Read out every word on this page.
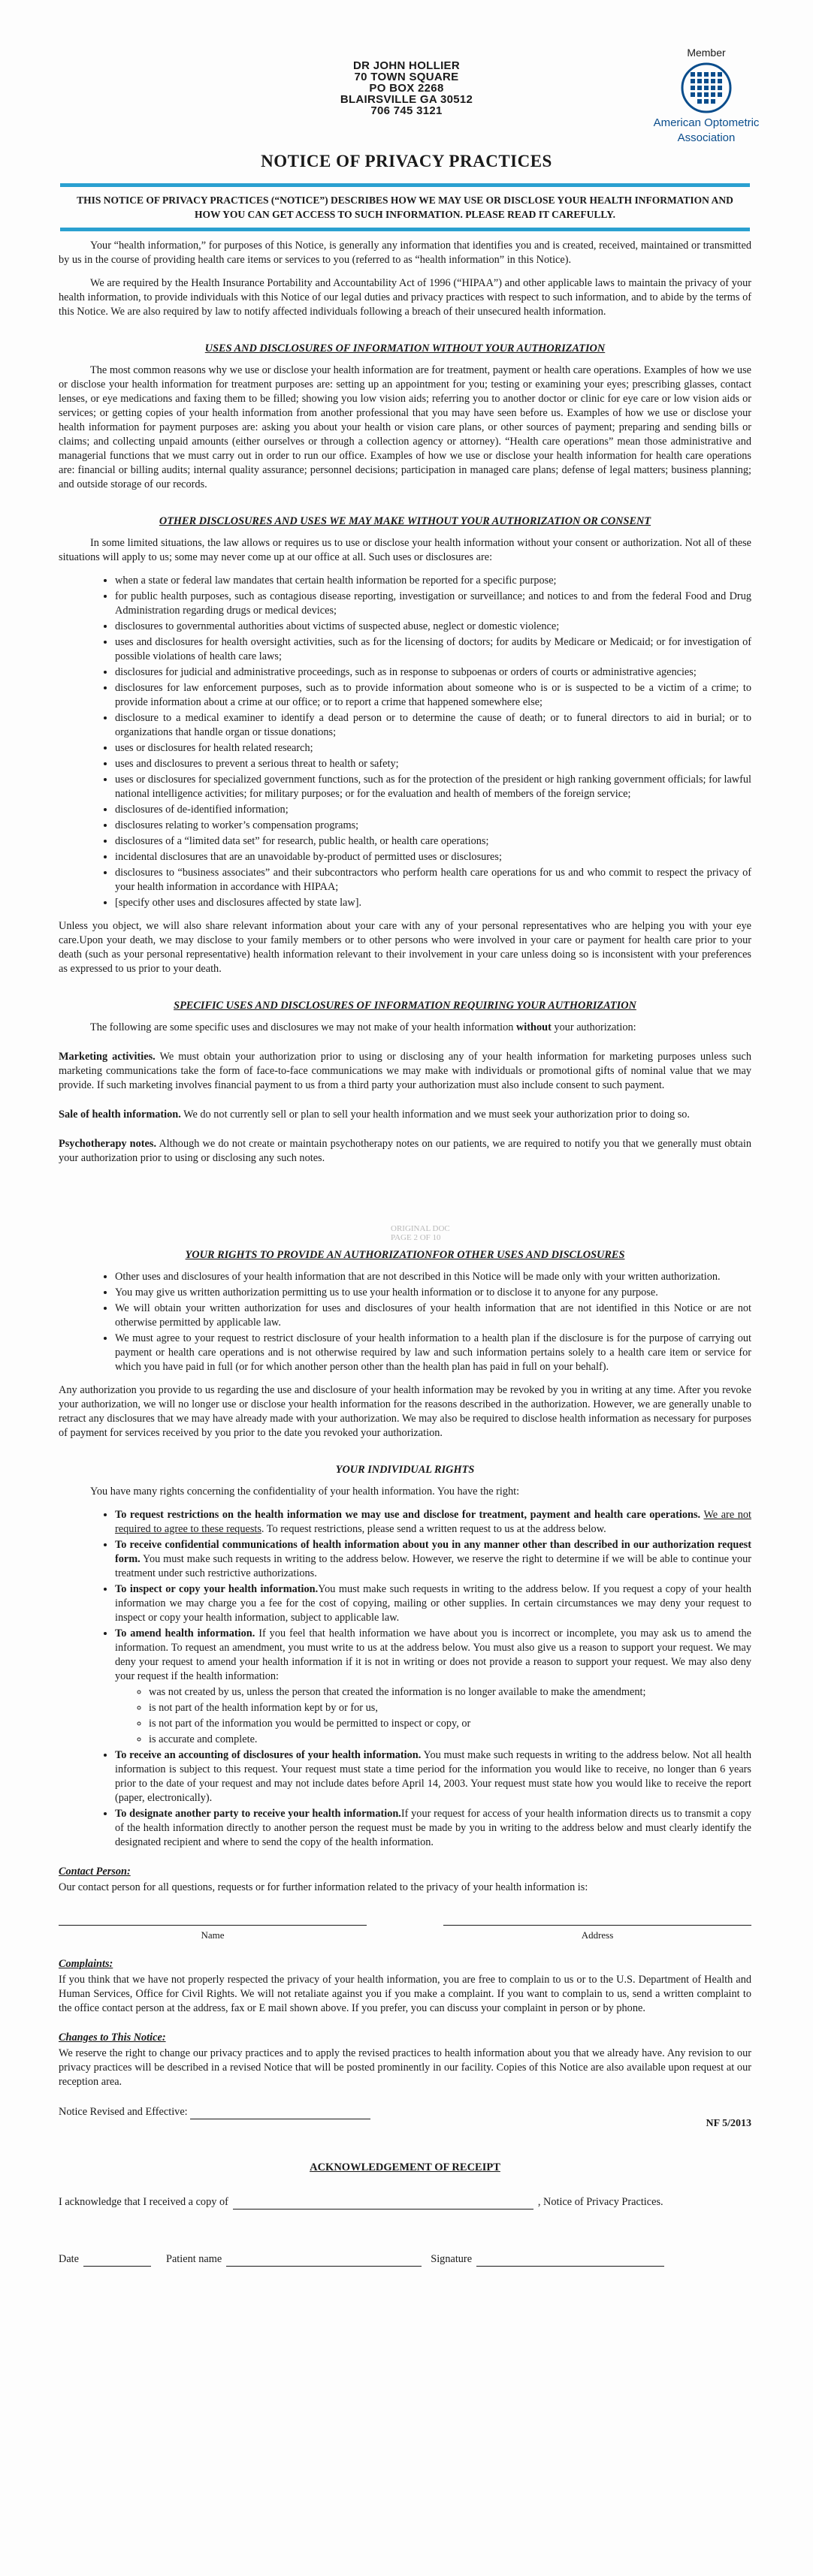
DR JOHN HOLLIER
70 TOWN SQUARE
PO BOX 2268
BLAIRSVILLE GA 30512
706 745 3121
Member
American Optometric
Association
NOTICE OF PRIVACY PRACTICES
THIS NOTICE OF PRIVACY PRACTICES (“NOTICE”) DESCRIBES HOW WE MAY USE OR DISCLOSE YOUR HEALTH INFORMATION AND HOW YOU CAN GET ACCESS TO SUCH INFORMATION. PLEASE READ IT CAREFULLY.
ORIGINAL DOC
PAGE 2 OF 10

Your “health information,” for purposes of this Notice, is generally any information that identifies you and is created, received, maintained or transmitted by us in the course of providing health care items or services to you (referred to as “health information” in this Notice).

We are required by the Health Insurance Portability and Accountability Act of 1996 (“HIPAA”) and other applicable laws to maintain the privacy of your health information, to provide individuals with this Notice of our legal duties and privacy practices with respect to such information, and to abide by the terms of this Notice. We are also required by law to notify affected individuals following a breach of their unsecured health information.

USES AND DISCLOSURES OF INFORMATION WITHOUT YOUR AUTHORIZATION

The most common reasons why we use or disclose your health information are for treatment, payment or health care operations. Examples of how we use or disclose your health information for treatment purposes are: setting up an appointment for you; testing or examining your eyes; prescribing glasses, contact lenses, or eye medications and faxing them to be filled; showing you low vision aids; referring you to another doctor or clinic for eye care or low vision aids or services; or getting copies of your health information from another professional that you may have seen before us. Examples of how we use or disclose your health information for payment purposes are: asking you about your health or vision care plans, or other sources of payment; preparing and sending bills or claims; and collecting unpaid amounts (either ourselves or through a collection agency or attorney). “Health care operations” mean those administrative and managerial functions that we must carry out in order to run our office. Examples of how we use or disclose your health information for health care operations are: financial or billing audits; internal quality assurance; personnel decisions; participation in managed care plans; defense of legal matters; business planning; and outside storage of our records.

OTHER DISCLOSURES AND USES WE MAY MAKE WITHOUT YOUR AUTHORIZATION OR CONSENT

In some limited situations, the law allows or requires us to use or disclose your health information without your consent or authorization. Not all of these situations will apply to us; some may never come up at our office at all. Such uses or disclosures are:

• when a state or federal law mandates that certain health information be reported for a specific purpose;
• for public health purposes, such as contagious disease reporting, investigation or surveillance; and notices to and from the federal Food and Drug Administration regarding drugs or medical devices;
• disclosures to governmental authorities about victims of suspected abuse, neglect or domestic violence;
• uses and disclosures for health oversight activities, such as for the licensing of doctors; for audits by Medicare or Medicaid; or for investigation of possible violations of health care laws;
• disclosures for judicial and administrative proceedings, such as in response to subpoenas or orders of courts or administrative agencies;
• disclosures for law enforcement purposes, such as to provide information about someone who is or is suspected to be a victim of a crime; to provide information about a crime at our office; or to report a crime that happened somewhere else;
• disclosure to a medical examiner to identify a dead person or to determine the cause of death; or to funeral directors to aid in burial; or to organizations that handle organ or tissue donations;
• uses or disclosures for health related research;
• uses and disclosures to prevent a serious threat to health or safety;
• uses or disclosures for specialized government functions, such as for the protection of the president or high ranking government officials; for lawful national intelligence activities; for military purposes; or for the evaluation and health of members of the foreign service;
• disclosures of de-identified information;
• disclosures relating to worker’s compensation programs;
• disclosures of a “limited data set” for research, public health, or health care operations;
• incidental disclosures that are an unavoidable by-product of permitted uses or disclosures;
• disclosures to “business associates” and their subcontractors who perform health care operations for us and who commit to respect the privacy of your health information in accordance with HIPAA;
• [specify other uses and disclosures affected by state law].

Unless you object, we will also share relevant information about your care with any of your personal representatives who are helping you with your eye care.Upon your death, we may disclose to your family members or to other persons who were involved in your care or payment for health care prior to your death (such as your personal representative) health information relevant to their involvement in your care unless doing so is inconsistent with your preferences as expressed to us prior to your death.

SPECIFIC USES AND DISCLOSURES OF INFORMATION REQUIRING YOUR AUTHORIZATION

The following are some specific uses and disclosures we may not make of your health information without your authorization:

Marketing activities. We must obtain your authorization prior to using or disclosing any of your health information for marketing purposes unless such marketing communications take the form of face-to-face communications we may make with individuals or promotional gifts of nominal value that we may provide. If such marketing involves financial payment to us from a third party your authorization must also include consent to such payment.

Sale of health information. We do not currently sell or plan to sell your health information and we must seek your authorization prior to doing so.

Psychotherapy notes. Although we do not create or maintain psychotherapy notes on our patients, we are required to notify you that we generally must obtain your authorization prior to using or disclosing any such notes.

YOUR RIGHTS TO PROVIDE AN AUTHORIZATIONFOR OTHER USES AND DISCLOSURES
• Other uses and disclosures of your health information that are not described in this Notice will be made only with your written authorization.
• You may give us written authorization permitting us to use your health information or to disclose it to anyone for any purpose.
• We will obtain your written authorization for uses and disclosures of your health information that are not identified in this Notice or are not otherwise permitted by applicable law.
• We must agree to your request to restrict disclosure of your health information to a health plan if the disclosure is for the purpose of carrying out payment or health care operations and is not otherwise required by law and such information pertains solely to a health care item or service for which you have paid in full (or for which another person other than the health plan has paid in full on your behalf).

Any authorization you provide to us regarding the use and disclosure of your health information may be revoked by you in writing at any time. After you revoke your authorization, we will no longer use or disclose your health information for the reasons described in the authorization. However, we are generally unable to retract any disclosures that we may have already made with your authorization. We may also be required to disclose health information as necessary for purposes of payment for services received by you prior to the date you revoked your authorization.

YOUR INDIVIDUAL RIGHTS

You have many rights concerning the confidentiality of your health information. You have the right:

• To request restrictions on the health information we may use and disclose for treatment, payment and health care operations. We are not required to agree to these requests. To request restrictions, please send a written request to us at the address below.
• To receive confidential communications of health information about you in any manner other than described in our authorization request form. You must make such requests in writing to the address below. However, we reserve the right to determine if we will be able to continue your treatment under such restrictive authorizations.
• To inspect or copy your health information.You must make such requests in writing to the address below. If you request a copy of your health information we may charge you a fee for the cost of copying, mailing or other supplies. In certain circumstances we may deny your request to inspect or copy your health information, subject to applicable law.
• To amend health information. If you feel that health information we have about you is incorrect or incomplete, you may ask us to amend the information. To request an amendment, you must write to us at the address below. You must also give us a reason to support your request. We may deny your request to amend your health information if it is not in writing or does not provide a reason to support your request. We may also deny your request if the health information:
◦ was not created by us, unless the person that created the information is no longer available to make the amendment;
◦ is not part of the health information kept by or for us,
◦ is not part of the information you would be permitted to inspect or copy, or
◦ is accurate and complete.
• To receive an accounting of disclosures of your health information. You must make such requests in writing to the address below. Not all health information is subject to this request. Your request must state a time period for the information you would like to receive, no longer than 6 years prior to the date of your request and may not include dates before April 14, 2003. Your request must state how you would like to receive the report (paper, electronically).
• To designate another party to receive your health information.If your request for access of your health information directs us to transmit a copy of the health information directly to another person the request must be made by you in writing to the address below and must clearly identify the designated recipient and where to send the copy of the health information.
Contact Person:

Our contact person for all questions, requests or for further information related to the privacy of your health information is:

Name	Address
Complaints:

If you think that we have not properly respected the privacy of your health information, you are free to complain to us or to the U.S. Department of Health and Human Services, Office for Civil Rights. We will not retaliate against you if you make a complaint. If you want to complain to us, send a written complaint to the office contact person at the address, fax or E mail shown above. If you prefer, you can discuss your complaint in person or by phone.

Changes to This Notice:

We reserve the right to change our privacy practices and to apply the revised practices to health information about you that we already have. Any revision to our privacy practices will be described in a revised Notice that will be posted prominently in our facility. Copies of this Notice are also available upon request at our reception area.

Notice Revised and Effective:

NF 5/2013
ACKNOWLEDGEMENT OF RECEIPT
I acknowledge that I received a copy of
	, Notice of Privacy Practices.
Date
	Patient name
	Signature
